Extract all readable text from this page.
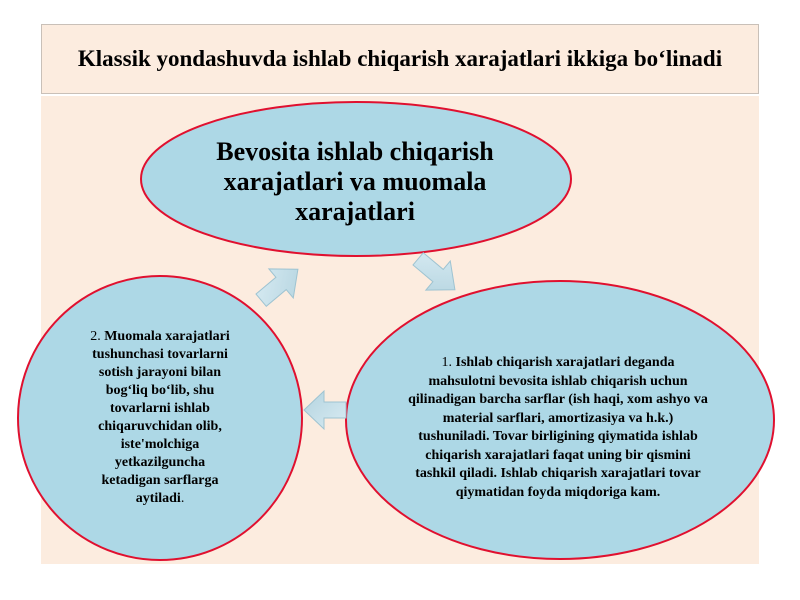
Klassik yondashuvda ishlab chiqarish xarajatlari ikkiga bo‘linadi
Bevosita ishlab chiqarish xarajatlari va muomala xarajatlari
2. Muomala xarajatlari tushunchasi tovarlarni sotish jarayoni bilan bog‘liq bo‘lib, shu tovarlarni ishlab chiqaruvchidan olib, iste'molchiga yetkazilguncha ketadigan sarflarga aytiladi.
1. Ishlab chiqarish xarajatlari deganda mahsulotni bevosita ishlab chiqarish uchun qilinadigan barcha sarflar (ish haqi, xom ashyo va material sarflari, amortizasiya va h.k.) tushuniladi. Tovar birligining qiymatida ishlab chiqarish xarajatlari faqat uning bir qismini tashkil qiladi. Ishlab chiqarish xarajatlari tovar qiymatidan foyda miqdoriga kam.
